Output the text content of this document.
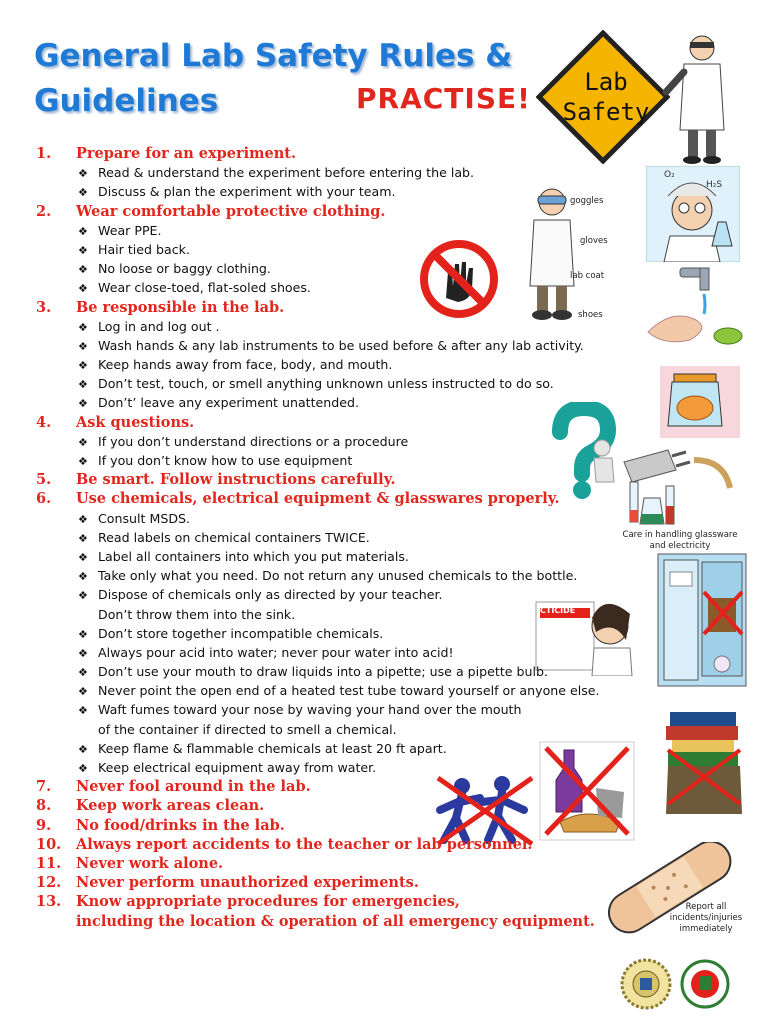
General Lab Safety Rules & Guidelines	PRACTISE! Lab
Safety
goggles
gloves
lab coat
shoes
O₂
H₂S
Care in handling glassware
and electricity
CTICIDE
Report all
incidents/injuries
immediately
1.	Prepare for an experiment.
❖ Read & understand the experiment before entering the lab.
❖ Discuss & plan the experiment with your team.
2.	Wear comfortable protective clothing.
❖ Wear PPE.
❖ Hair tied back.
❖ No loose or baggy clothing.
❖ Wear close-toed, flat-soled shoes.
3.	Be responsible in the lab.
❖ Log in and log out .
❖ Wash hands & any lab instruments to be used before & after any lab activity.
❖ Keep hands away from face, body, and mouth.
❖ Don’t test, touch, or smell anything unknown unless instructed to do so.
❖ Don’t’ leave any experiment unattended.
4.	Ask questions.
❖ If you don’t understand directions or a procedure
❖ If you don’t know how to use equipment
5.	Be smart. Follow instructions carefully.
6.	Use chemicals, electrical equipment & glasswares properly.
❖ Consult MSDS.
❖ Read labels on chemical containers TWICE.
❖ Label all containers into which you put materials.
❖ Take only what you need. Do not return any unused chemicals to the bottle.
❖ Dispose of chemicals only as directed by your teacher.
Don’t throw them into the sink.
❖ Don’t store together incompatible chemicals.
❖ Always pour acid into water; never pour water into acid!
❖ Don’t use your mouth to draw liquids into a pipette; use a pipette bulb.
❖ Never point the open end of a heated test tube toward yourself or anyone else.
❖ Waft fumes toward your nose by waving your hand over the mouth
of the container if directed to smell a chemical.
❖ Keep flame & flammable chemicals at least 20 ft apart.
❖ Keep electrical equipment away from water.
7.	Never fool around in the lab.
8.	Keep work areas clean.
9.	No food/drinks in the lab.
10.	Always report accidents to the teacher or lab personnel.
11.	Never work alone.
12.	Never perform unauthorized experiments.
13.	Know appropriate procedures for emergencies,
including the location & operation of all emergency equipment.
